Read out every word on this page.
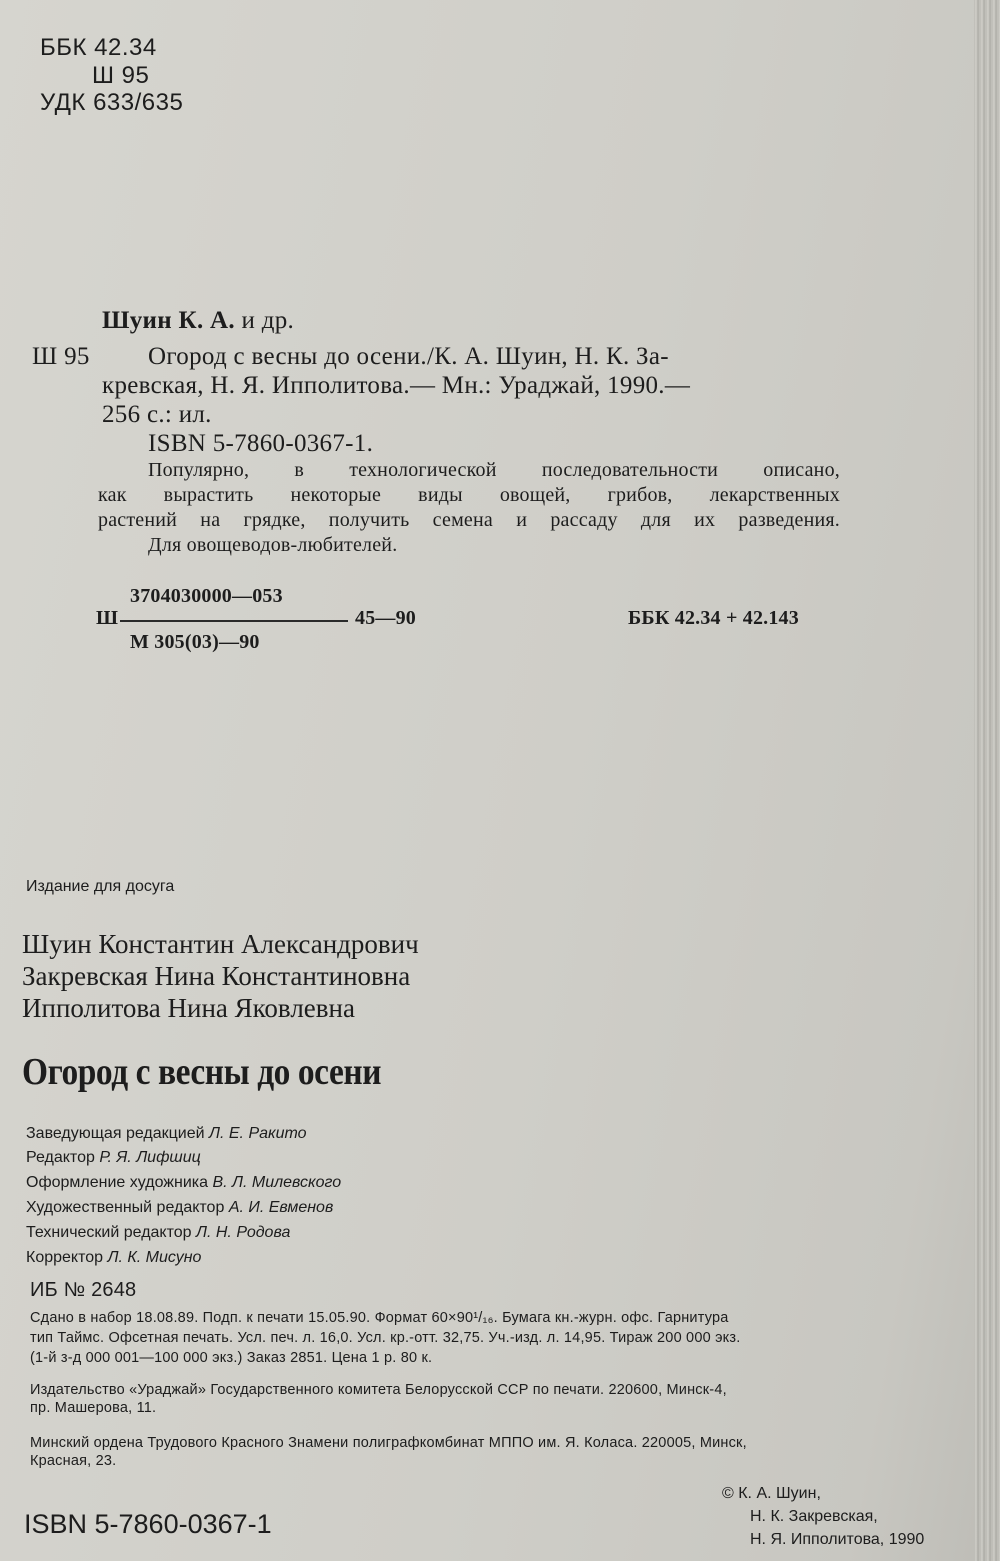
ББК 42.34

Ш 95

УДК 633/635

Шуин К. А. и др.

Ш 95 Огород с весны до осени./К. А. Шуин, Н. К. За-

кревская, Н. Я. Ипполитова.— Мн.: Ураджай, 1990.—

256 с.: ил.

ISBN 5-7860-0367-1.

Популярно, в технологической последовательности описано,

как вырастить некоторые виды овощей, грибов, лекарственных

растений на грядке, получить семена и рассаду для их разведения.

Для овощеводов-любителей.

3704030000—053

Ш	45—90

М 305(03)—90

ББК 42.34 + 42.143

Издание для досуга

Шуин Константин Александрович

Закревская Нина Константиновна

Ипполитова Нина Яковлевна

Огород с весны до осени

Заведующая редакцией Л. Е. Ракито

Редактор Р. Я. Лифшиц

Оформление художника В. Л. Милевского

Художественный редактор А. И. Евменов

Технический редактор Л. Н. Родова

Корректор Л. К. Мисуно

ИБ № 2648

Сдано в набор 18.08.89. Подп. к печати 15.05.90. Формат 60×90¹/₁₆. Бумага кн.-журн. офс. Гарнитура

тип Таймс. Офсетная печать. Усл. печ. л. 16,0. Усл. кр.-отт. 32,75. Уч.-изд. л. 14,95. Тираж 200 000 экз.

(1-й з-д 000 001—100 000 экз.) Заказ 2851. Цена 1 р. 80 к.

Издательство «Ураджай» Государственного комитета Белорусской ССР по печати. 220600, Минск-4,

пр. Машерова, 11.

Минский ордена Трудового Красного Знамени полиграфкомбинат МППО им. Я. Коласа. 220005, Минск,

Красная, 23.

ISBN 5-7860-0367-1

© К. А. Шуин,

Н. К. Закревская,

Н. Я. Ипполитова, 1990
